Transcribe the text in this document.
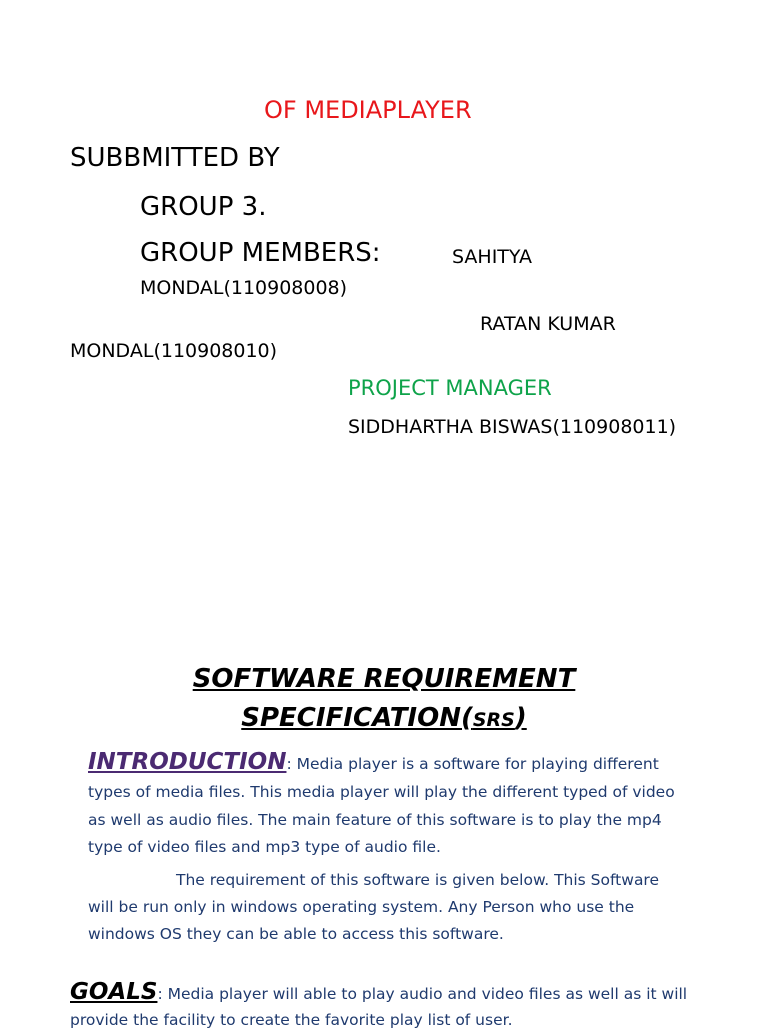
OF MEDIAPLAYER
SUBBMITTED BY
GROUP 3.
GROUP MEMBERS:	SAHITYA
MONDAL(110908008)
RATAN KUMAR
MONDAL(110908010)
PROJECT MANAGER
SIDDHARTHA BISWAS(110908011)
SOFTWARE REQUIREMENT
SPECIFICATION(SRS)
INTRODUCTION: Media player is a software for playing different
types of media files. This media player will play the different typed of video
as well as audio files. The main feature of this software is to play the mp4
type of video files and mp3 type of audio file.
The requirement of this software is given below. This Software
will be run only in windows operating system. Any Person who use the
windows OS they can be able to access this software.
GOALS: Media player will able to play audio and video files as well as it will
provide the facility to create the favorite play list of user.
